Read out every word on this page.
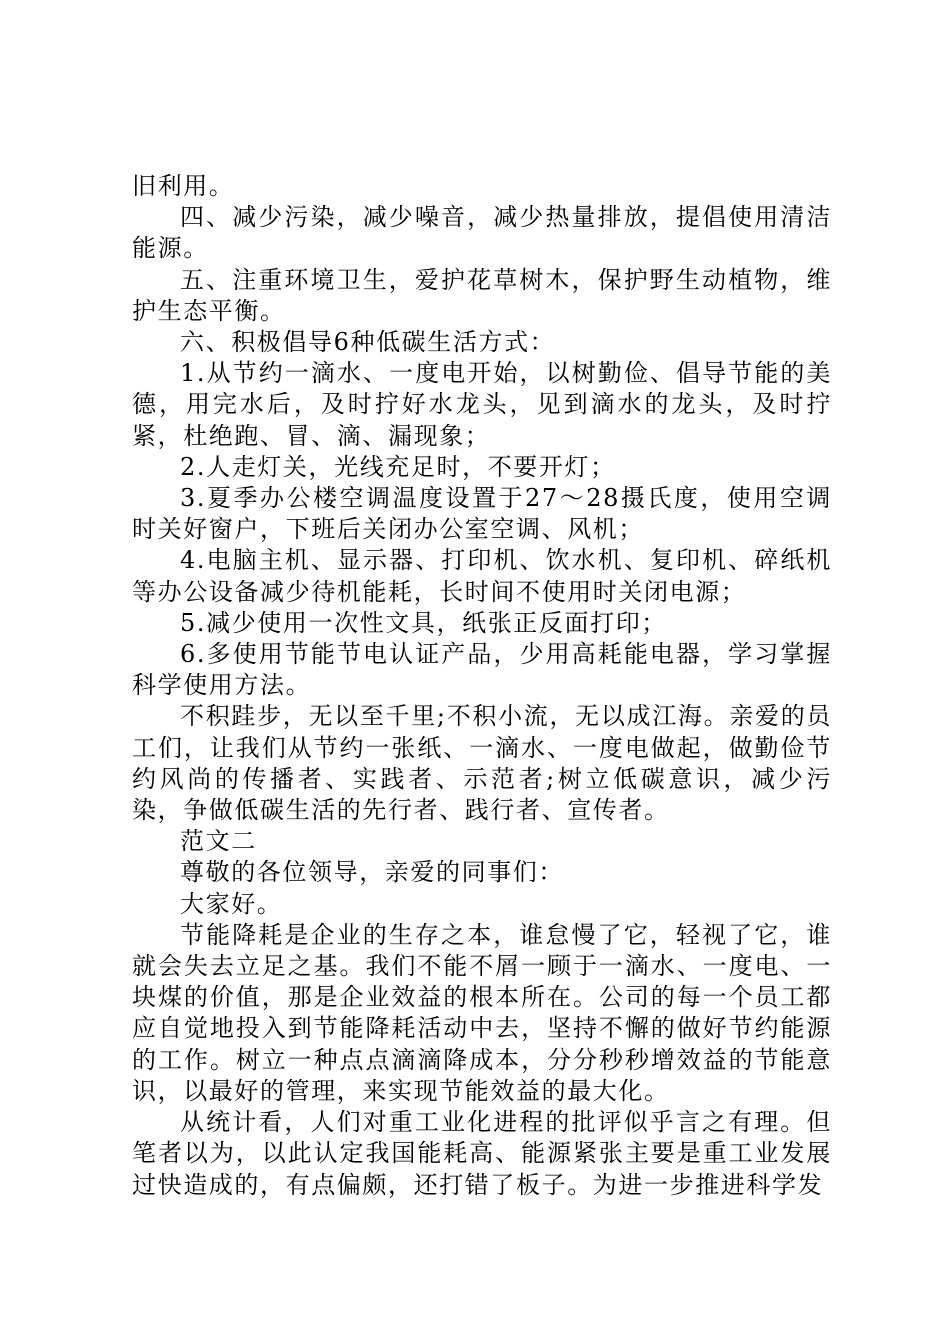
旧利用。

四、减少污染，减少噪音，减少热量排放，提倡使用清洁能源。

五、注重环境卫生，爱护花草树木，保护野生动植物，维护生态平衡。

六、积极倡导6种低碳生活方式：

1.从节约一滴水、一度电开始，以树勤俭、倡导节能的美德，用完水后，及时拧好水龙头，见到滴水的龙头，及时拧紧，杜绝跑、冒、滴、漏现象；

2.人走灯关，光线充足时，不要开灯；

3.夏季办公楼空调温度设置于27～28摄氏度，使用空调时关好窗户，下班后关闭办公室空调、风机；

4.电脑主机、显示器、打印机、饮水机、复印机、碎纸机等办公设备减少待机能耗，长时间不使用时关闭电源；

5.减少使用一次性文具，纸张正反面打印；

6.多使用节能节电认证产品，少用高耗能电器，学习掌握科学使用方法。

不积跬步，无以至千里;不积小流，无以成江海。亲爱的员工们，让我们从节约一张纸、一滴水、一度电做起，做勤俭节约风尚的传播者、实践者、示范者;树立低碳意识，减少污染，争做低碳生活的先行者、践行者、宣传者。

范文二

尊敬的各位领导，亲爱的同事们：

大家好。

节能降耗是企业的生存之本，谁怠慢了它，轻视了它，谁就会失去立足之基。我们不能不屑一顾于一滴水、一度电、一块煤的价值，那是企业效益的根本所在。公司的每一个员工都应自觉地投入到节能降耗活动中去，坚持不懈的做好节约能源的工作。树立一种点点滴滴降成本，分分秒秒增效益的节能意识，以最好的管理，来实现节能效益的最大化。

从统计看，人们对重工业化进程的批评似乎言之有理。但笔者以为，以此认定我国能耗高、能源紧张主要是重工业发展过快造成的，有点偏颇，还打错了板子。为进一步推进科学发
